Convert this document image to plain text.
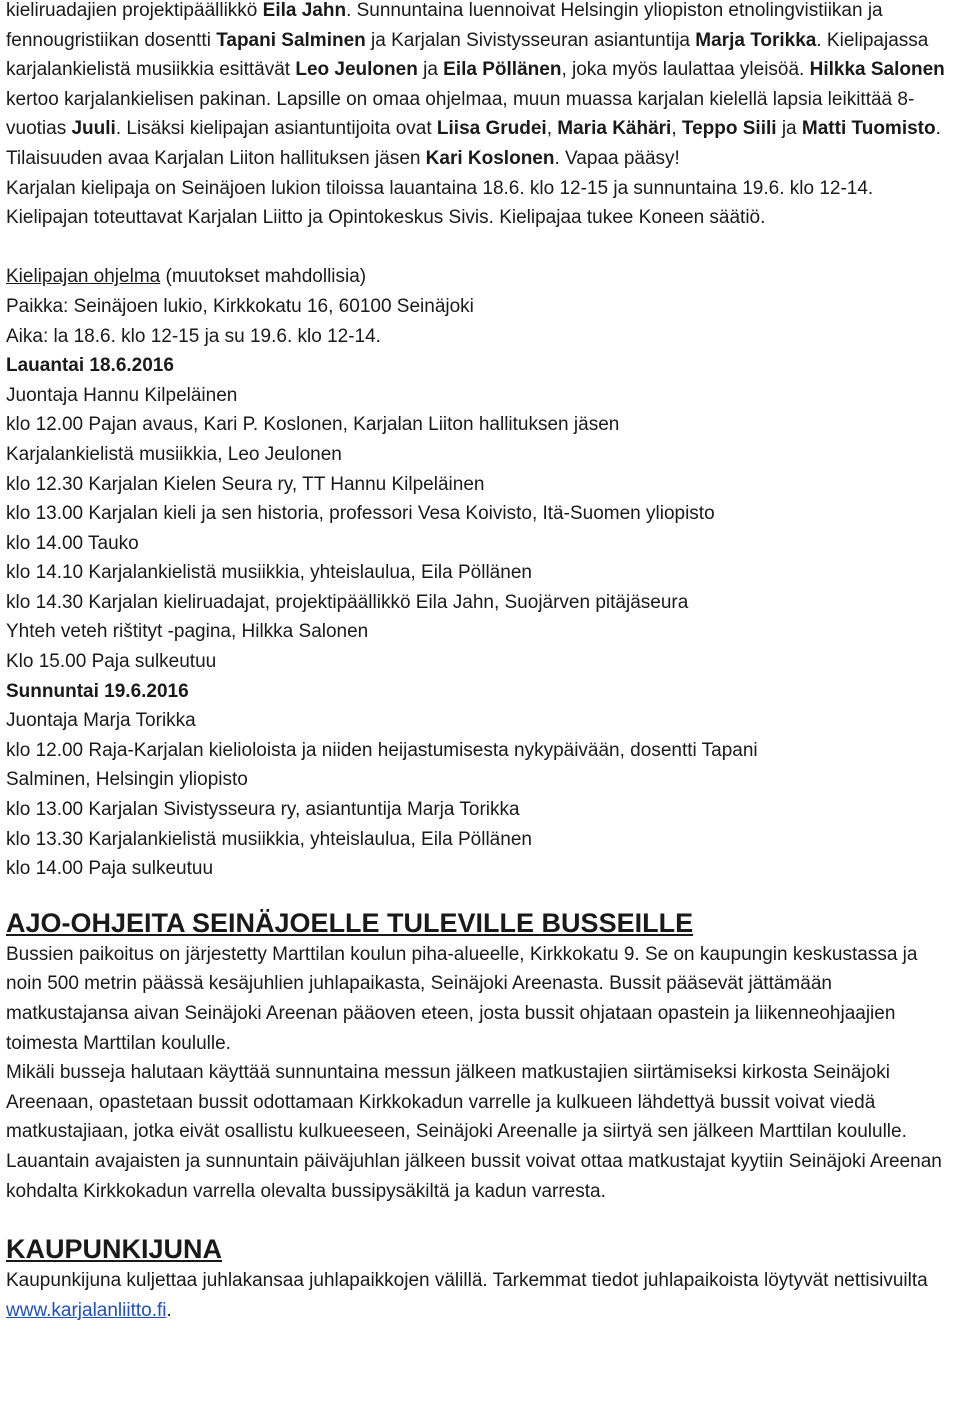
kieliruadajien projektipäällikkö Eila Jahn. Sunnuntaina luennoivat Helsingin yliopiston etnolingvistiikan ja fennougristiikan dosentti Tapani Salminen ja Karjalan Sivistysseuran asiantuntija Marja Torikka. Kielipajassa karjalankielistä musiikkia esittävät Leo Jeulonen ja Eila Pöllänen, joka myös laulattaa yleisöä. Hilkka Salonen kertoo karjalankielisen pakinan. Lapsille on omaa ohjelmaa, muun muassa karjalan kielellä lapsia leikittää 8-vuotias Juuli. Lisäksi kielipajan asiantuntijoita ovat Liisa Grudei, Maria Kähäri, Teppo Siili ja Matti Tuomisto. Tilaisuuden avaa Karjalan Liiton hallituksen jäsen Kari Koslonen. Vapaa pääsy!

Karjalan kielipaja on Seinäjoen lukion tiloissa lauantaina 18.6. klo 12-15 ja sunnuntaina 19.6. klo 12-14. Kielipajan toteuttavat Karjalan Liitto ja Opintokeskus Sivis. Kielipajaa tukee Koneen säätiö.

Kielipajan ohjelma (muutokset mahdollisia)
Paikka: Seinäjoen lukio, Kirkkokatu 16, 60100 Seinäjoki
Aika: la 18.6. klo 12-15 ja su 19.6. klo 12-14.
Lauantai 18.6.2016
Juontaja Hannu Kilpeläinen
klo 12.00 Pajan avaus, Kari P. Koslonen, Karjalan Liiton hallituksen jäsen
Karjalankielistä musiikkia, Leo Jeulonen
klo 12.30 Karjalan Kielen Seura ry, TT Hannu Kilpeläinen
klo 13.00 Karjalan kieli ja sen historia, professori Vesa Koivisto, Itä-Suomen yliopisto
klo 14.00 Tauko
klo 14.10 Karjalankielistä musiikkia, yhteislaulua, Eila Pöllänen
klo 14.30 Karjalan kieliruadajat, projektipäällikkö Eila Jahn, Suojärven pitäjäseura
Yhteh veteh rištityt -pagina, Hilkka Salonen
Klo 15.00 Paja sulkeutuu
Sunnuntai 19.6.2016
Juontaja Marja Torikka
klo 12.00 Raja-Karjalan kielioloista ja niiden heijastumisesta nykypäivään, dosentti Tapani
Salminen, Helsingin yliopisto
klo 13.00 Karjalan Sivistysseura ry, asiantuntija Marja Torikka
klo 13.30 Karjalankielistä musiikkia, yhteislaulua, Eila Pöllänen
klo 14.00 Paja sulkeutuu
AJO-OHJEITA SEINÄJOELLE TULEVILLE BUSSEILLE

Bussien paikoitus on järjestetty Marttilan koulun piha-alueelle, Kirkkokatu 9. Se on kaupungin keskustassa ja noin 500 metrin päässä kesäjuhlien juhlapaikasta, Seinäjoki Areenasta. Bussit pääsevät jättämään matkustajansa aivan Seinäjoki Areenan pääoven eteen, josta bussit ohjataan opastein ja liikenneohjaajien toimesta Marttilan koululle.

Mikäli busseja halutaan käyttää sunnuntaina messun jälkeen matkustajien siirtämiseksi kirkosta Seinäjoki Areenaan, opastetaan bussit odottamaan Kirkkokadun varrelle ja kulkueen lähdettyä bussit voivat viedä matkustajiaan, jotka eivät osallistu kulkueeseen, Seinäjoki Areenalle ja siirtyä sen jälkeen Marttilan koululle.

Lauantain avajaisten ja sunnuntain päiväjuhlan jälkeen bussit voivat ottaa matkustajat kyytiin Seinäjoki Areenan kohdalta Kirkkokadun varrella olevalta bussipysäkiltä ja kadun varresta.

KAUPUNKIJUNA

Kaupunkijuna kuljettaa juhlakansaa juhlapaikkojen välillä. Tarkemmat tiedot juhlapaikoista löytyvät nettisivuilta www.karjalanliitto.fi.
